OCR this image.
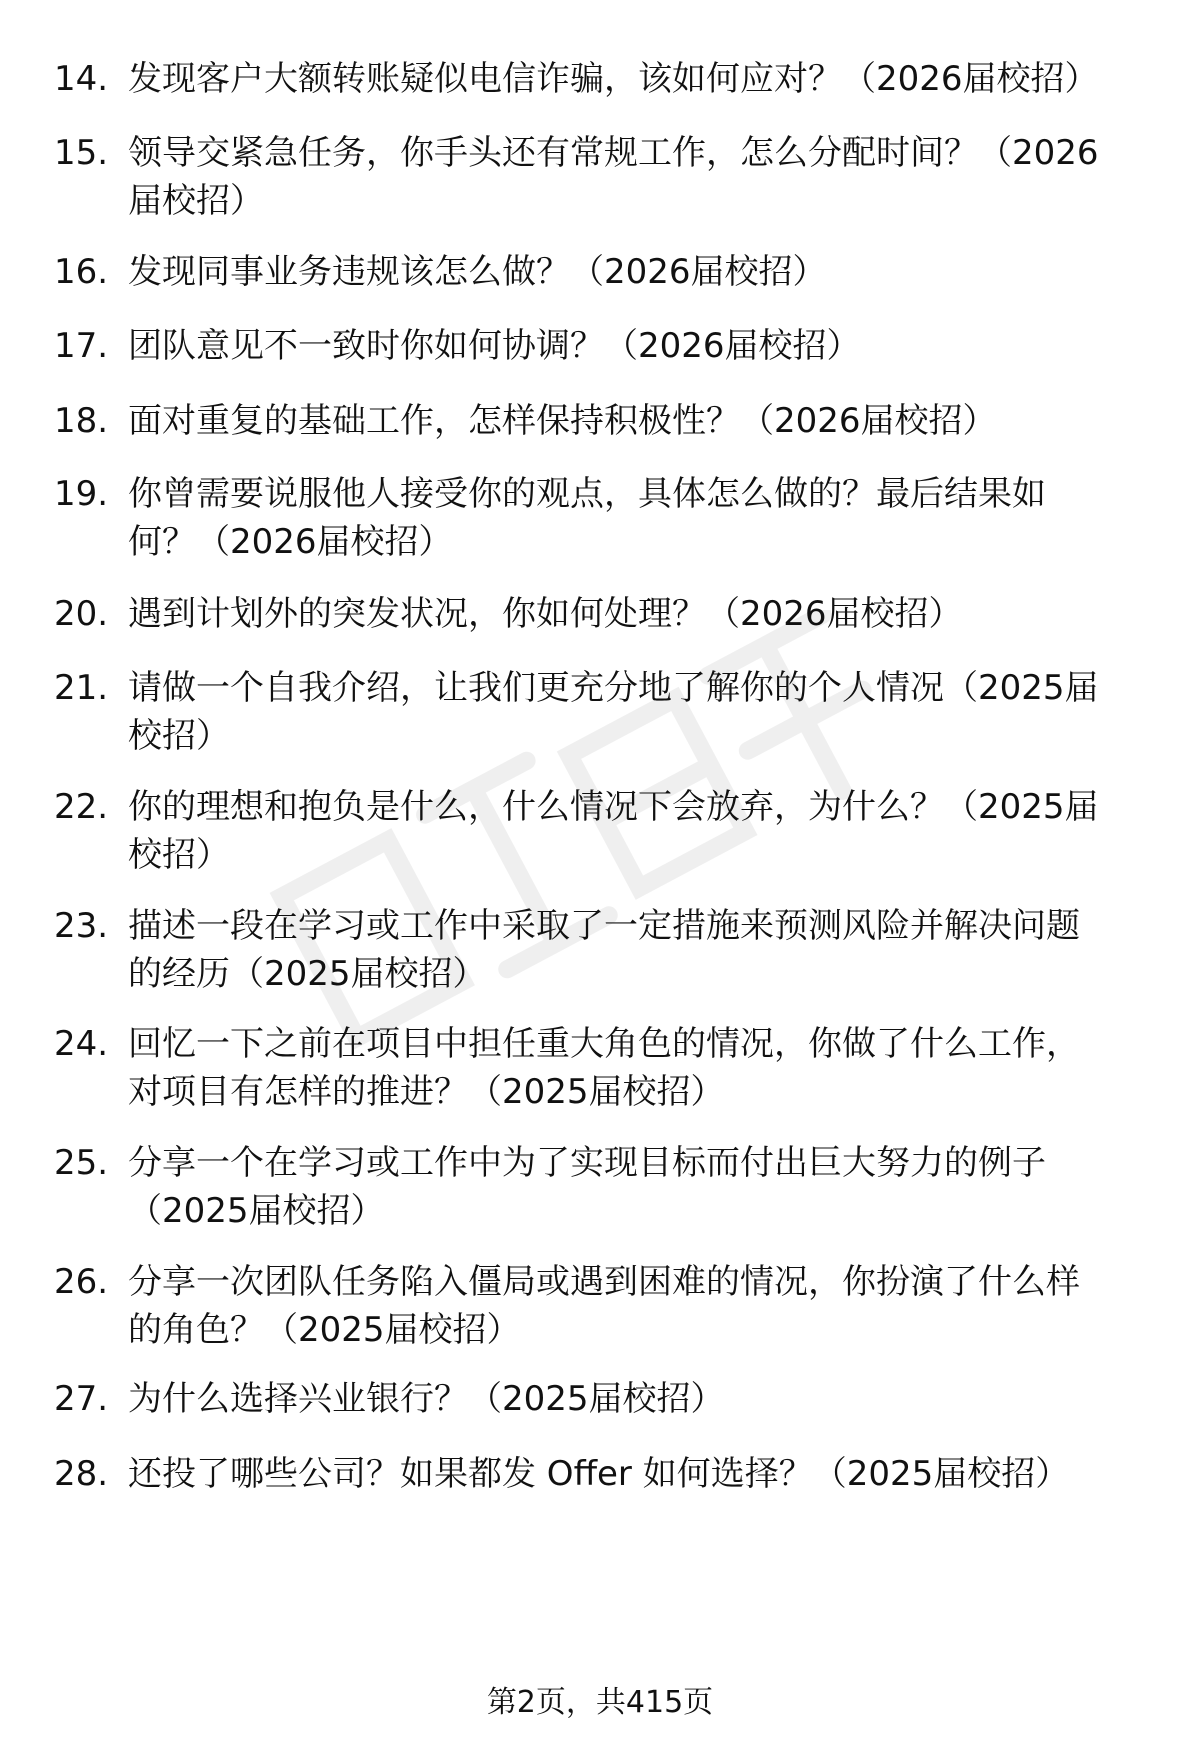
14. 发现客户大额转账疑似电信诈骗，该如何应对？（2026届校招）
15. 领导交紧急任务，你手头还有常规工作，怎么分配时间？（2026
届校招）
16. 发现同事业务违规该怎么做？（2026届校招）
17. 团队意见不一致时你如何协调？（2026届校招）
18. 面对重复的基础工作，怎样保持积极性？（2026届校招）
19. 你曾需要说服他人接受你的观点，具体怎么做的？最后结果如
何？（2026届校招）
20. 遇到计划外的突发状况，你如何处理？（2026届校招）
21. 请做一个自我介绍，让我们更充分地了解你的个人情况（2025届
校招）
22. 你的理想和抱负是什么，什么情况下会放弃，为什么？（2025届
校招）
23. 描述一段在学习或工作中采取了一定措施来预测风险并解决问题
的经历（2025届校招）
24. 回忆一下之前在项目中担任重大角色的情况，你做了什么工作，
对项目有怎样的推进？（2025届校招）
25. 分享一个在学习或工作中为了实现目标而付出巨大努力的例子
（2025届校招）
26. 分享一次团队任务陷入僵局或遇到困难的情况，你扮演了什么样
的角色？（2025届校招）
27. 为什么选择兴业银行？（2025届校招）
28. 还投了哪些公司？如果都发 Offer 如何选择？（2025届校招）
第2页，共415页
